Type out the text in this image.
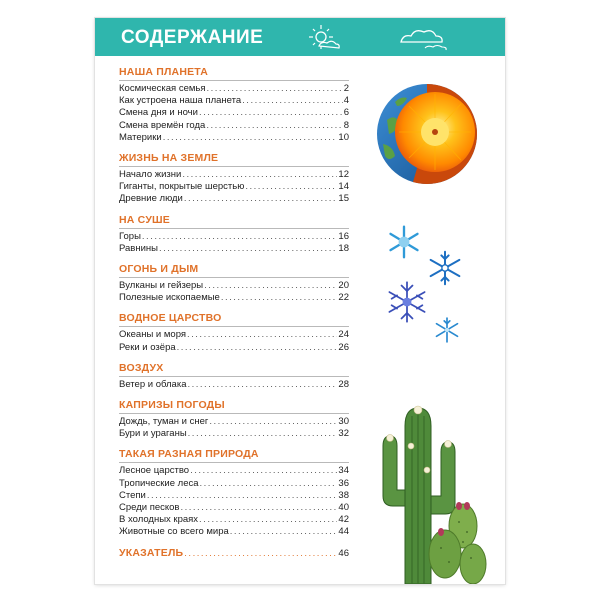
СОДЕРЖАНИЕ
НАША ПЛАНЕТА
Космическая семья .....	2
Как устроена наша планета .....	4
Смена дня и ночи .....	6
Смена времён года .....	8
Материки .....	10
ЖИЗНЬ НА ЗЕМЛЕ
Начало жизни .....	12
Гиганты, покрытые шерстью .....	14
Древние люди .....	15
НА СУШЕ
Горы .....	16
Равнины .....	18
ОГОНЬ И ДЫМ
Вулканы и гейзеры .....	20
Полезные ископаемые .....	22
ВОДНОЕ ЦАРСТВО
Океаны и моря .....	24
Реки и озёра .....	26
ВОЗДУХ
Ветер и облака .....	28
КАПРИЗЫ ПОГОДЫ
Дождь, туман и снег .....	30
Бури и ураганы .....	32
ТАКАЯ РАЗНАЯ ПРИРОДА
Лесное царство .....	34
Тропические леса .....	36
Степи .....	38
Среди песков .....	40
В холодных краях .....	42
Животные со всего мира .....	44
УКАЗАТЕЛЬ .....	46
